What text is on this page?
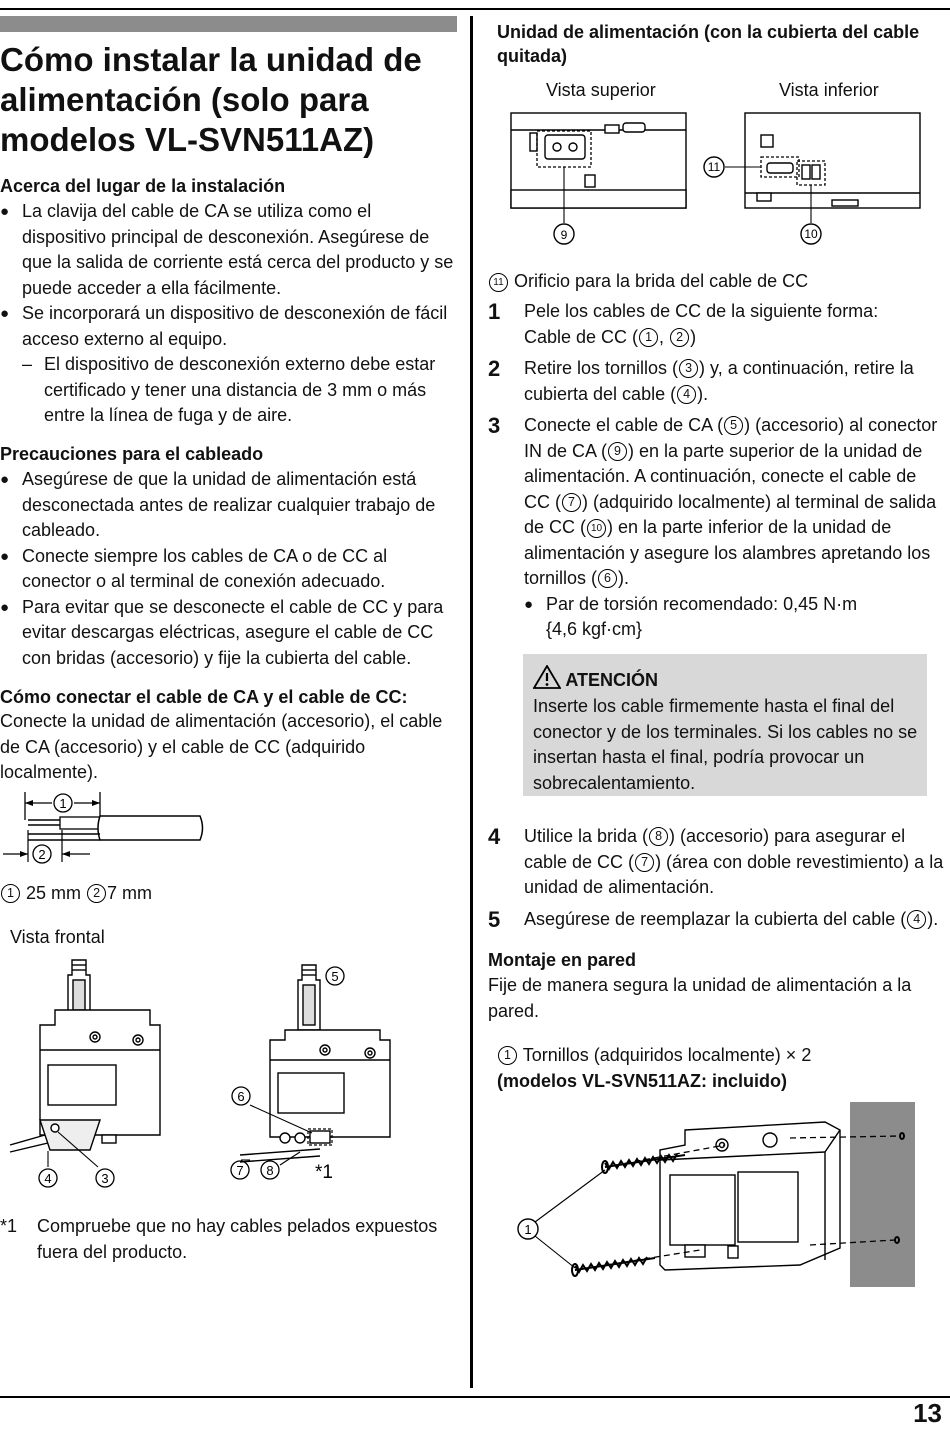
13
Cómo instalar la unidad de alimentación (solo para modelos VL-SVN511AZ)

Acerca del lugar de la instalación

● La clavija del cable de CA se utiliza como el dispositivo principal de desconexión. Asegúrese de que la salida de corriente está cerca del producto y se puede acceder a ella fácilmente.
● Se incorporará un dispositivo de desconexión de fácil acceso externo al equipo.
– El dispositivo de desconexión externo debe estar certificado y tener una distancia de 3 mm o más entre la línea de fuga y de aire.

Precauciones para el cableado

● Asegúrese de que la unidad de alimentación está desconectada antes de realizar cualquier trabajo de cableado.
● Conecte siempre los cables de CA o de CC al conector o al terminal de conexión adecuado.
● Para evitar que se desconecte el cable de CC y para evitar descargas eléctricas, asegure el cable de CC con bridas (accesorio) y fije la cubierta del cable.

Cómo conectar el cable de CA y el cable de CC:

Conecte la unidad de alimentación (accesorio), el cable de CA (accesorio) y el cable de CC (adquirido localmente).
1
2
1 25 mm 2 7 mm
Vista frontal
4	3
5
6
7 8 *1
*1	Compruebe que no hay cables pelados expuestos fuera del producto.

Unidad de alimentación (con la cubierta del cable quitada)

Vista superior	Vista inferior
9
11
10
11 Orificio para la brida del cable de CC
1 Pele los cables de CC de la siguiente forma:
Cable de CC ( 1 , 2 )
2 Retire los tornillos ( 3 ) y, a continuación, retire la cubierta del cable ( 4 ).
3 Conecte el cable de CA ( 5 ) (accesorio) al conector IN de CA ( 9 ) en la parte superior de la unidad de alimentación. A continuación, conecte el cable de CC ( 7 ) (adquirido localmente) al terminal de salida de CC ( 10 ) en la parte inferior de la unidad de alimentación y asegure los alambres apretando los tornillos ( 6 ).
● Par de torsión recomendado: 0,45 N·m {4,6 kgf·cm}
ATENCIÓN
Inserte los cable firmemente hasta el final del conector y de los terminales. Si los cables no se insertan hasta el final, podría provocar un sobrecalentamiento.
4 Utilice la brida ( 8 ) (accesorio) para asegurar el cable de CC ( 7 ) (área con doble revestimiento) a la unidad de alimentación.
5 Asegúrese de reemplazar la cubierta del cable ( 4 ).

Montaje en pared

Fije de manera segura la unidad de alimentación a la pared.
1 Tornillos (adquiridos localmente) × 2
(modelos VL-SVN511AZ: incluido)
1
